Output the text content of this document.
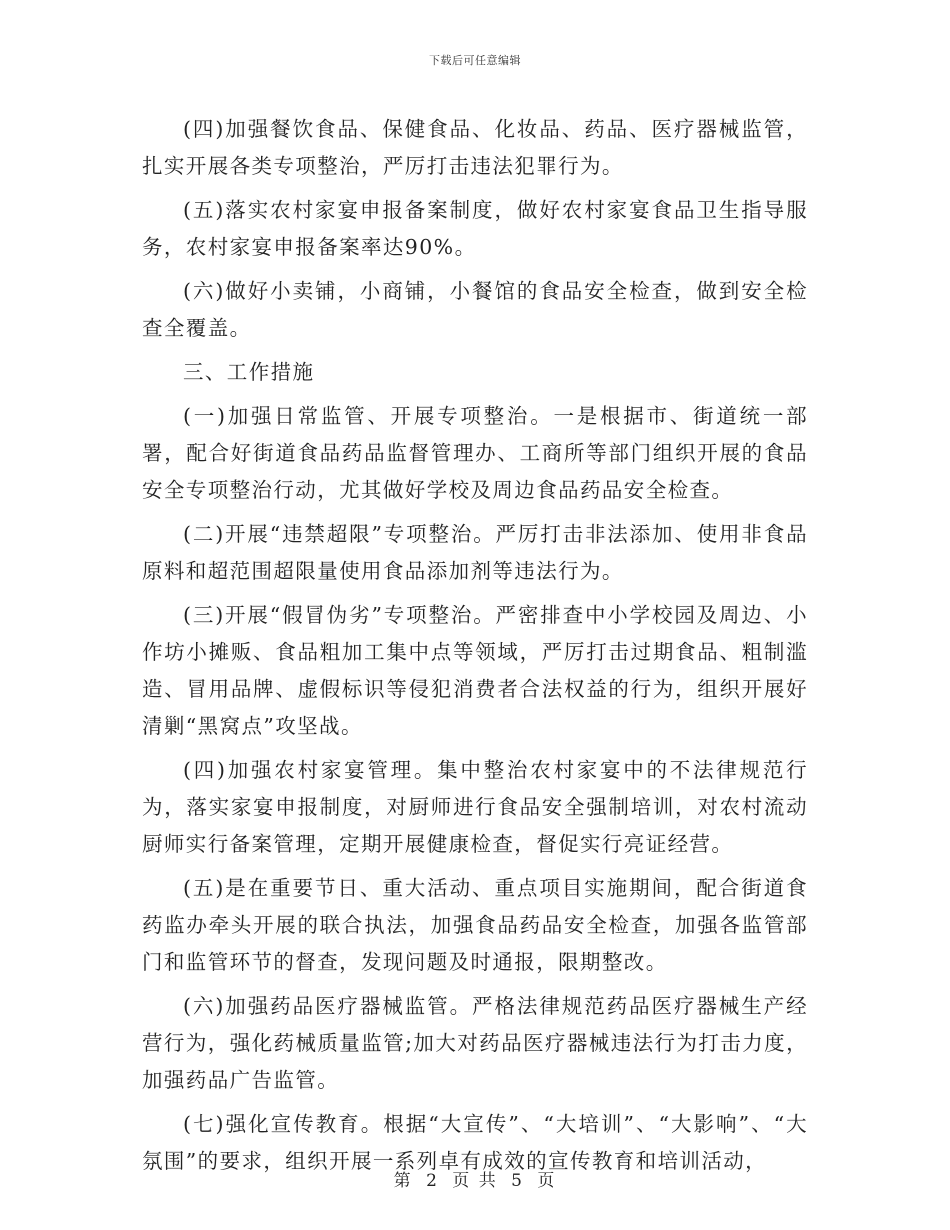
下载后可任意编辑

(四)加强餐饮食品、保健食品、化妆品、药品、医疗器械监管，扎实开展各类专项整治，严厉打击违法犯罪行为。

(五)落实农村家宴申报备案制度，做好农村家宴食品卫生指导服务，农村家宴申报备案率达90%。

(六)做好小卖铺，小商铺，小餐馆的食品安全检查，做到安全检查全覆盖。

三、工作措施

(一)加强日常监管、开展专项整治。一是根据市、街道统一部署，配合好街道食品药品监督管理办、工商所等部门组织开展的食品安全专项整治行动，尤其做好学校及周边食品药品安全检查。

(二)开展“违禁超限”专项整治。严厉打击非法添加、使用非食品原料和超范围超限量使用食品添加剂等违法行为。

(三)开展“假冒伪劣”专项整治。严密排查中小学校园及周边、小作坊小摊贩、食品粗加工集中点等领域，严厉打击过期食品、粗制滥造、冒用品牌、虚假标识等侵犯消费者合法权益的行为，组织开展好清剿“黑窝点”攻坚战。

(四)加强农村家宴管理。集中整治农村家宴中的不法律规范行为，落实家宴申报制度，对厨师进行食品安全强制培训，对农村流动厨师实行备案管理，定期开展健康检查，督促实行亮证经营。

(五)是在重要节日、重大活动、重点项目实施期间，配合街道食药监办牵头开展的联合执法，加强食品药品安全检查，加强各监管部门和监管环节的督查，发现问题及时通报，限期整改。

(六)加强药品医疗器械监管。严格法律规范药品医疗器械生产经营行为，强化药械质量监管;加大对药品医疗器械违法行为打击力度，加强药品广告监管。

(七)强化宣传教育。根据“大宣传”、“大培训”、“大影响”、“大氛围”的要求，组织开展一系列卓有成效的宣传教育和培训活动，

第 2 页 共 5 页
